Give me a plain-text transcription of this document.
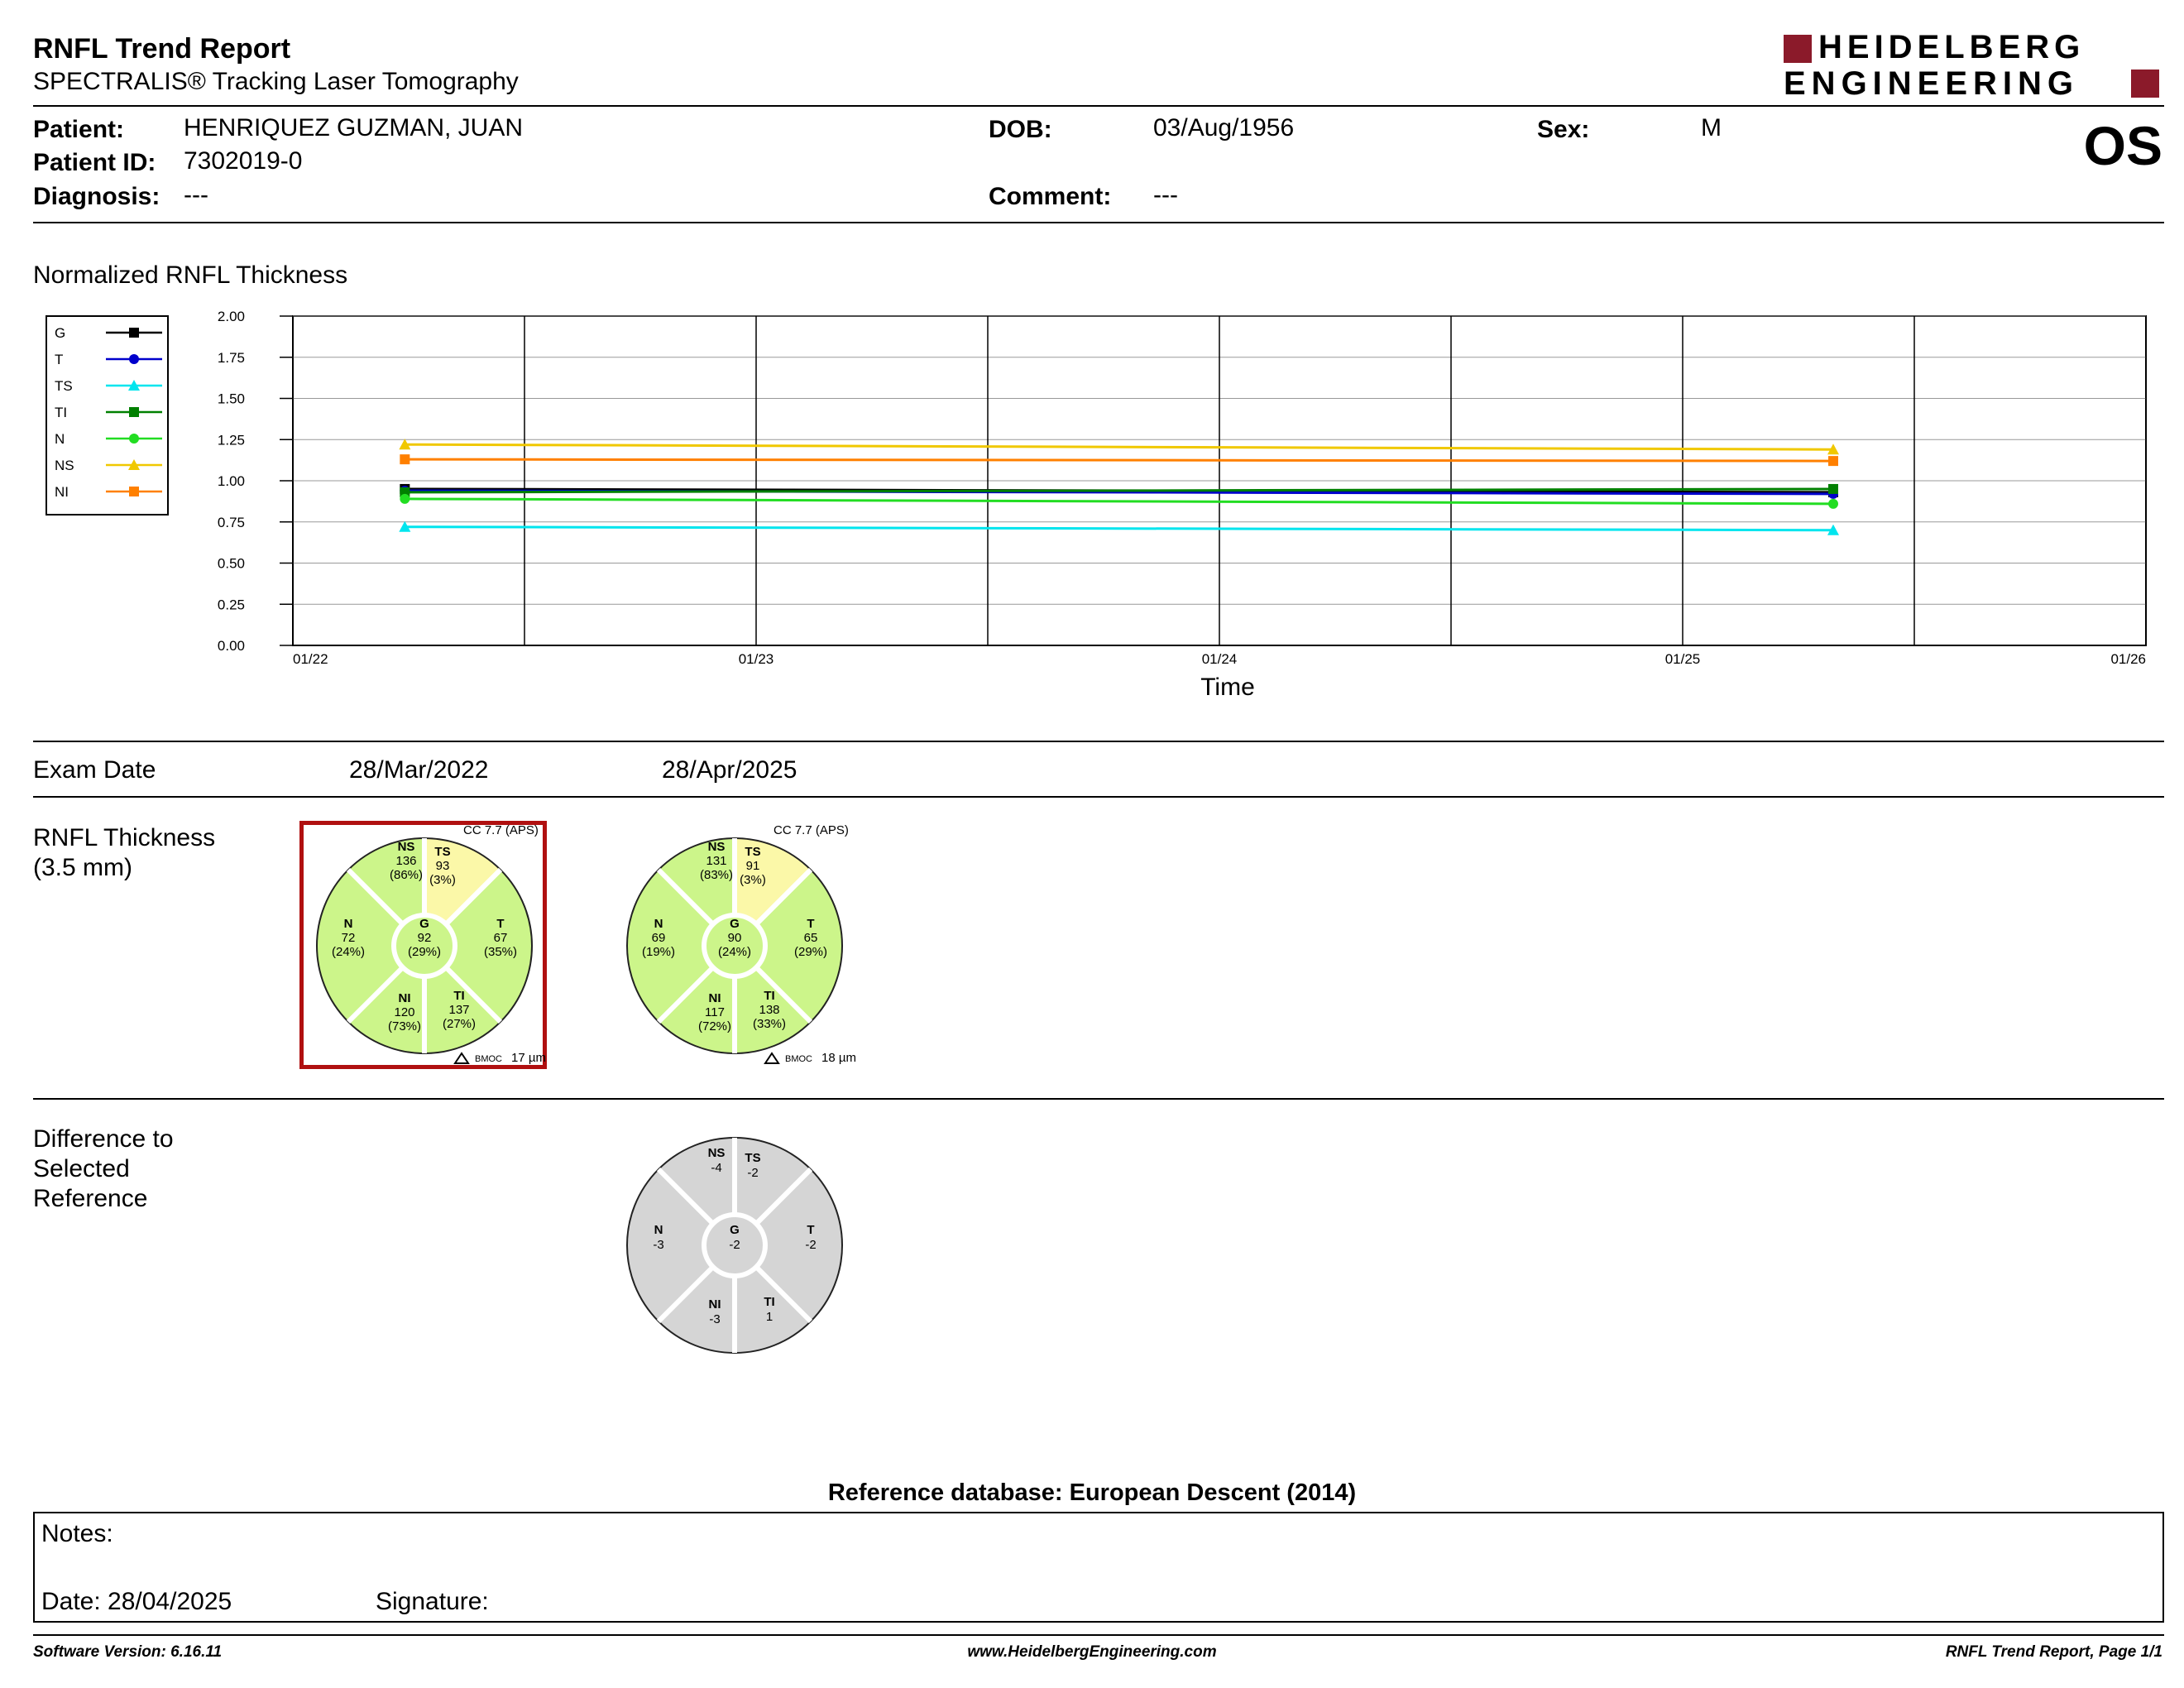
RNFL Trend Report
SPECTRALIS® Tracking Laser Tomography
HEIDELBERG
ENGINEERING
Patient: HENRIQUEZ GUZMAN, JUAN
Patient ID: 7302019-0
Diagnosis: ---
DOB:	03/Aug/1956
Comment: ---
Sex:	M	OS
Normalized RNFL Thickness
G
T
TS
TI
N
NS
NI
2.00
1.75
1.50
1.25
1.00
0.75
0.50
0.25
0.00
01/22	01/23	01/24	01/25	01/26
Time
Exam Date	28/Mar/2022	28/Apr/2025
RNFL Thickness
(3.5 mm)
CC 7.7 (APS)
NS
136
(86%)
TS
93
(3%)
N
72
(24%)
T
67
(35%)
NI
120
(73%)
TI
137
(27%)
G
92
(29%)
BMOC 17 µm
CC 7.7 (APS)
NS
131
(83%)
TS
91
(3%)
N
69
(19%)
T
65
(29%)
NI
117
(72%)
TI
138
(33%)
G
90
(24%)
BMOC 18 µm
Difference to
Selected
Reference
NS
-4
TS
-2
N
-3
T
-2
NI
-3
TI
1
G
-2
Reference database: European Descent (2014)
Notes:
Date: 28/04/2025	Signature:
Software Version: 6.16.11	www.HeidelbergEngineering.com	RNFL Trend Report, Page 1/1
